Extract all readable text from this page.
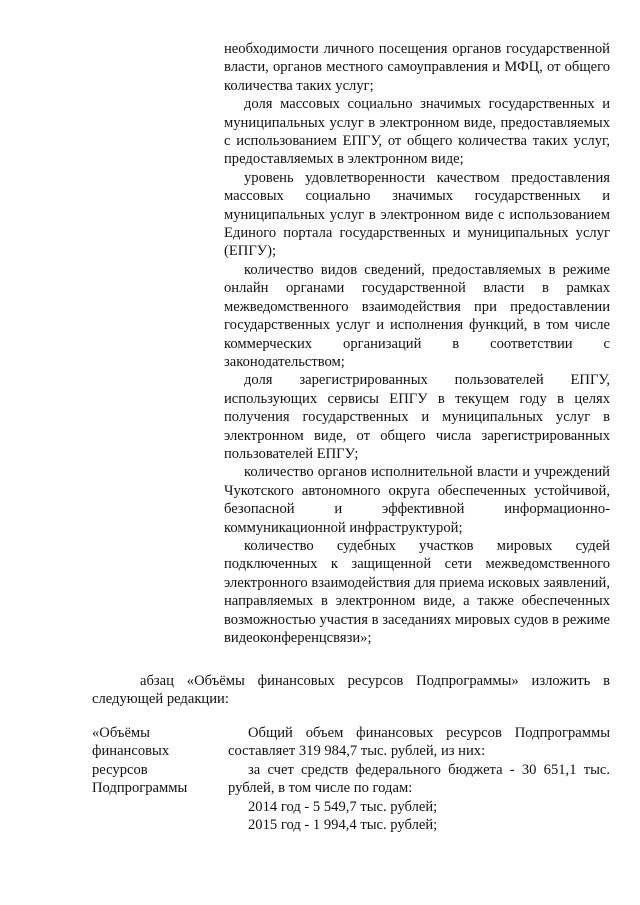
необходимости личного посещения органов государственной власти, органов местного самоуправления и МФЦ, от общего количества таких услуг;

доля массовых социально значимых государственных и муниципальных услуг в электронном виде, предоставляемых с использованием ЕПГУ, от общего количества таких услуг, предоставляемых в электронном виде;

уровень удовлетворенности качеством предоставления массовых социально значимых государственных и муниципальных услуг в электронном виде с использованием Единого портала государственных и муниципальных услуг (ЕПГУ);

количество видов сведений, предоставляемых в режиме онлайн органами государственной власти в рамках межведомственного взаимодействия при предоставлении государственных услуг и исполнения функций, в том числе коммерческих организаций в соответствии с законодательством;

доля зарегистрированных пользователей ЕПГУ, использующих сервисы ЕПГУ в текущем году в целях получения государственных и муниципальных услуг в электронном виде, от общего числа зарегистрированных пользователей ЕПГУ;

количество органов исполнительной власти и учреждений Чукотского автономного округа обеспеченных устойчивой, безопасной и эффективной информационно-коммуникационной инфраструктурой;

количество судебных участков мировых судей подключенных к защищенной сети межведомственного электронного взаимодействия для приема исковых заявлений, направляемых в электронном виде, а также обеспеченных возможностью участия в заседаниях мировых судов в режиме видеоконференцсвязи»;

абзац «Объёмы финансовых ресурсов Подпрограммы» изложить в следующей редакции:

«Объёмы
финансовых
ресурсов
Подпрограммы

Общий объем финансовых ресурсов Подпрограммы составляет 319 984,7 тыс. рублей, из них:

за счет средств федерального бюджета - 30 651,1 тыс. рублей, в том числе по годам:

2014 год - 5 549,7 тыс. рублей;

2015 год - 1 994,4 тыс. рублей;
